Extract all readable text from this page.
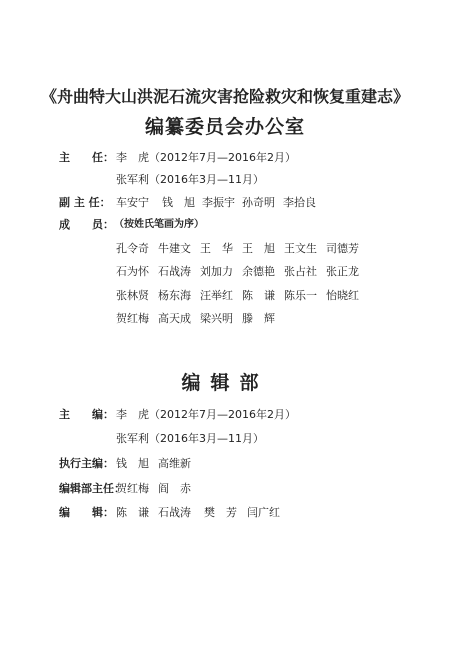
《舟曲特大山洪泥石流灾害抢险救灾和恢复重建志》
编纂委员会办公室
主　　任： 李　虎（2012年7月—2016年2月）
张军利（2016年3月—11月）
副 主 任： 车安宁 钱　旭 李振宇 孙奇明 李拾良
成　　员： （按姓氏笔画为序）
孔令奇 牛建文 王　华 王　旭 王文生 司德芳
石为怀 石战涛 刘加力 余德艳 张占社 张正龙
张林贤 杨东海 汪举红 陈　谦 陈乐一 怡晓红
贺红梅 高天成 梁兴明 滕　辉
编辑部
主　　编： 李　虎（2012年7月—2016年2月）
张军利（2016年3月—11月）
执行主编： 钱　旭 高维新
编辑部主任：
贺红梅 阎　赤
编　　辑： 陈　谦 石战涛 樊　芳 闫广红
